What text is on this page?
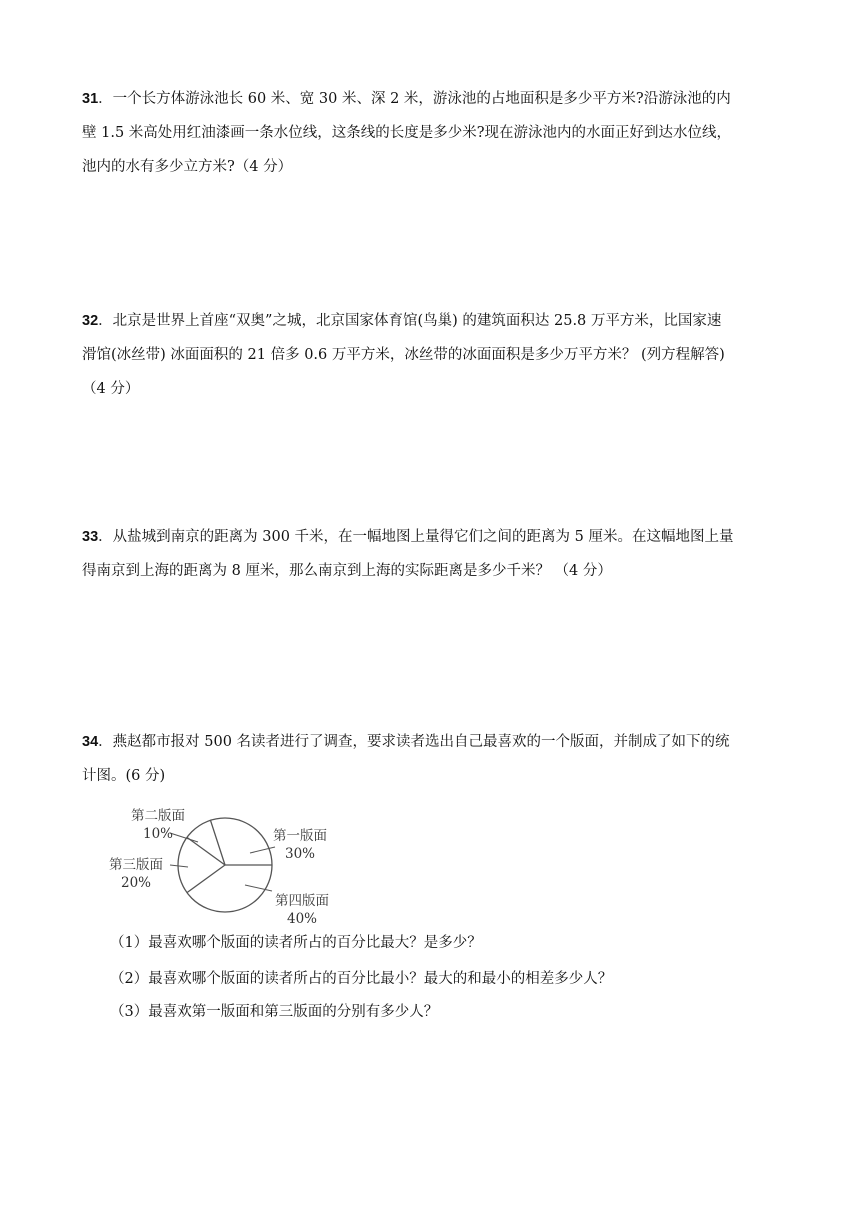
31．一个长方体游泳池长 60 米、宽 30 米、深 2 米，游泳池的占地面积是多少平方米?沿游泳池的内

壁 1.5 米高处用红油漆画一条水位线，这条线的长度是多少米?现在游泳池内的水面正好到达水位线，

池内的水有多少立方米?（4 分）

32．北京是世界上首座“双奥”之城，北京国家体育馆(鸟巢) 的建筑面积达 25.8 万平方米，比国家速

滑馆(冰丝带) 冰面面积的 21 倍多 0.6 万平方米，冰丝带的冰面面积是多少万平方米？ (列方程解答)

（4 分）

33．从盐城到南京的距离为 300 千米，在一幅地图上量得它们之间的距离为 5 厘米。在这幅地图上量

得南京到上海的距离为 8 厘米，那么南京到上海的实际距离是多少千米？ （4 分）

34．燕赵都市报对 500 名读者进行了调查，要求读者选出自己最喜欢的一个版面，并制成了如下的统

计图。(6 分)

第一版面
30%
第二版面
10%
第三版面
20%
第四版面
40%
（1）最喜欢哪个版面的读者所占的百分比最大？是多少？
（2）最喜欢哪个版面的读者所占的百分比最小？最大的和最小的相差多少人？
（3）最喜欢第一版面和第三版面的分别有多少人？
